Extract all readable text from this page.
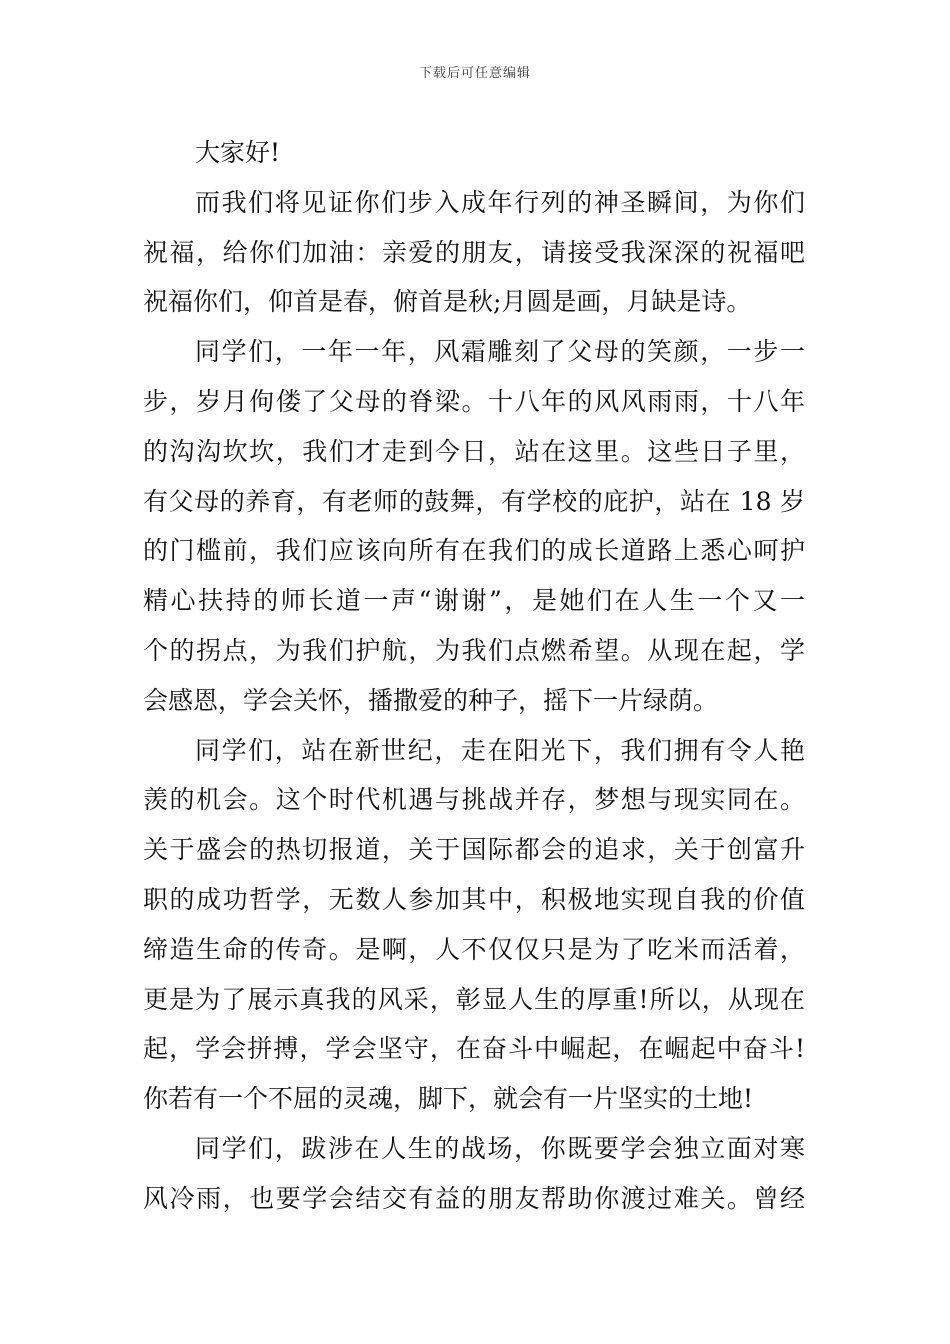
下载后可任意编辑
大家好!
而我们将见证你们步入成年行列的神圣瞬间，为你们
祝福，给你们加油：亲爱的朋友，请接受我深深的祝福吧
祝福你们，仰首是春，俯首是秋;月圆是画，月缺是诗。
同学们，一年一年，风霜雕刻了父母的笑颜，一步一
步，岁月佝偻了父母的脊梁。十八年的风风雨雨，十八年
的沟沟坎坎，我们才走到今日，站在这里。这些日子里，
有父母的养育，有老师的鼓舞，有学校的庇护，站在 18 岁
的门槛前，我们应该向所有在我们的成长道路上悉心呵护
精心扶持的师长道一声“谢谢”，是她们在人生一个又一
个的拐点，为我们护航，为我们点燃希望。从现在起，学
会感恩，学会关怀，播撒爱的种子，摇下一片绿荫。
同学们，站在新世纪，走在阳光下，我们拥有令人艳
羡的机会。这个时代机遇与挑战并存，梦想与现实同在。
关于盛会的热切报道，关于国际都会的追求，关于创富升
职的成功哲学，无数人参加其中，积极地实现自我的价值
缔造生命的传奇。是啊，人不仅仅只是为了吃米而活着，
更是为了展示真我的风采，彰显人生的厚重!所以，从现在
起，学会拼搏，学会坚守，在奋斗中崛起，在崛起中奋斗!
你若有一个不屈的灵魂，脚下，就会有一片坚实的土地!
同学们，跋涉在人生的战场，你既要学会独立面对寒
风冷雨，也要学会结交有益的朋友帮助你渡过难关。曾经
